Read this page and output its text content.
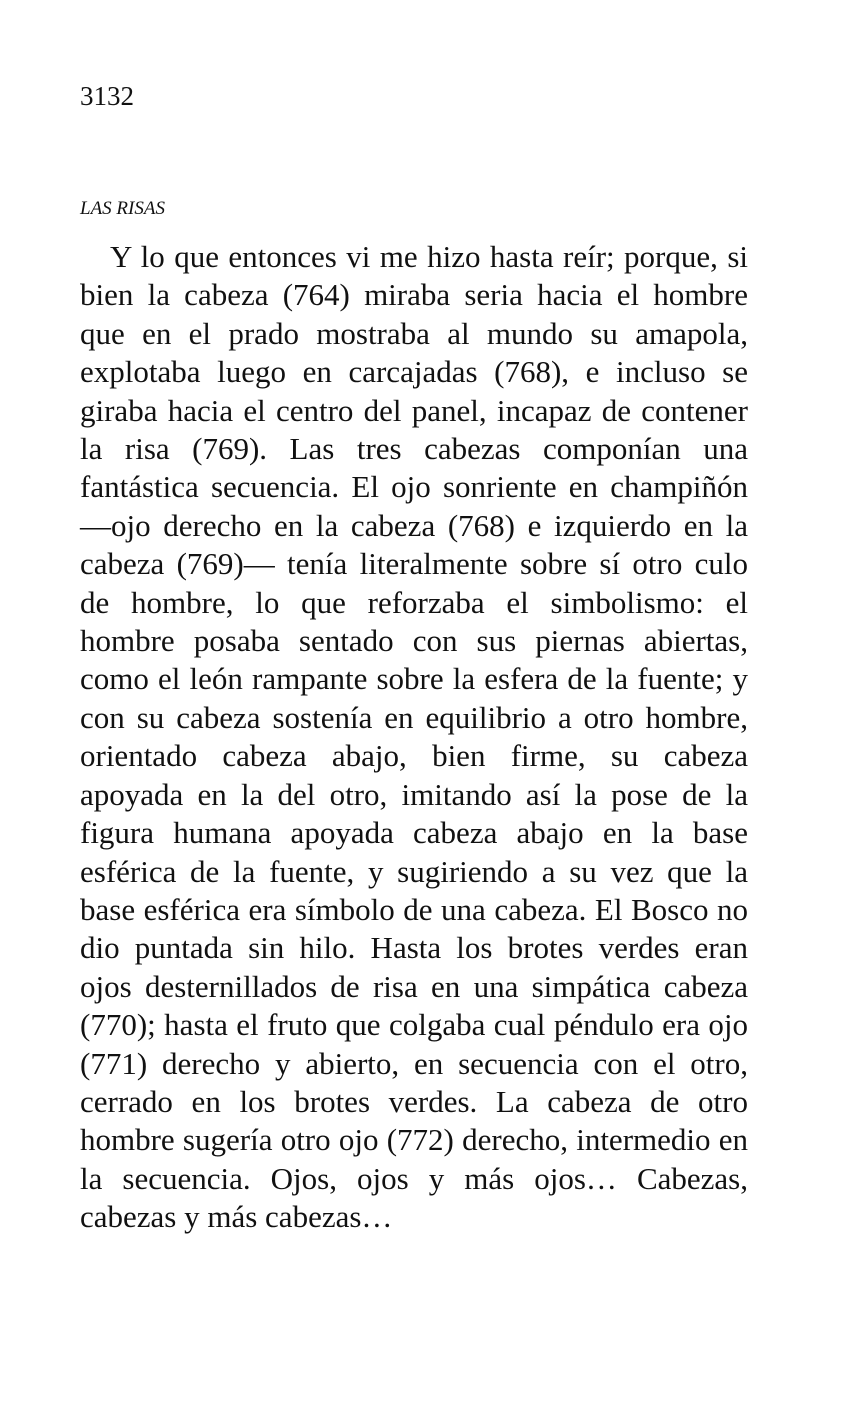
3132
LAS RISAS

Y lo que entonces vi me hizo hasta reír; porque, si bien la cabeza (764) miraba seria hacia el hombre que en el prado mostraba al mundo su amapola, explotaba luego en carcajadas (768), e incluso se giraba hacia el centro del panel, incapaz de contener la risa (769). Las tres cabezas componían una fantástica secuencia. El ojo sonriente en champiñón —ojo derecho en la cabeza (768) e izquierdo en la cabeza (769)— tenía literalmente sobre sí otro culo de hombre, lo que reforzaba el simbolismo: el hombre posaba sentado con sus piernas abiertas, como el león rampante sobre la esfera de la fuente; y con su cabeza sostenía en equilibrio a otro hombre, orientado cabeza abajo, bien firme, su cabeza apoyada en la del otro, imitando así la pose de la figura humana apoyada cabeza abajo en la base esférica de la fuente, y sugiriendo a su vez que la base esférica era símbolo de una cabeza. El Bosco no dio puntada sin hilo. Hasta los brotes verdes eran ojos desternillados de risa en una simpática cabeza (770); hasta el fruto que colgaba cual péndulo era ojo (771) derecho y abierto, en secuencia con el otro, cerrado en los brotes verdes. La cabeza de otro hombre sugería otro ojo (772) derecho, intermedio en la secuencia. Ojos, ojos y más ojos… Cabezas, cabezas y más cabezas…
